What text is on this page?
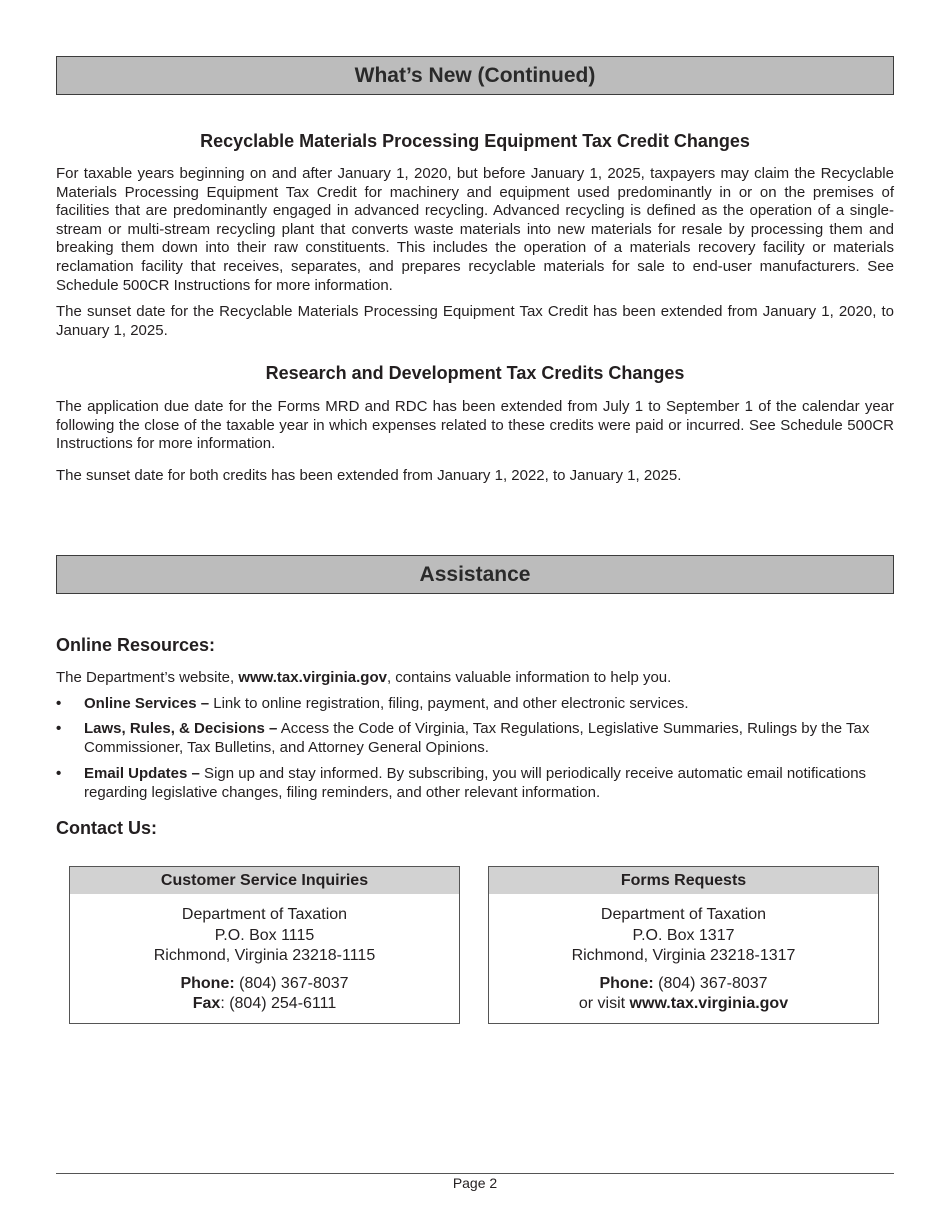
What’s New (Continued)
Recyclable Materials Processing Equipment Tax Credit Changes

For taxable years beginning on and after January 1, 2020, but before January 1, 2025, taxpayers may claim the Recyclable Materials Processing Equipment Tax Credit for machinery and equipment used predominantly in or on the premises of facilities that are predominantly engaged in advanced recycling. Advanced recycling is defined as the operation of a single-stream or multi-stream recycling plant that converts waste materials into new materials for resale by processing them and breaking them down into their raw constituents. This includes the operation of a materials recovery facility or materials reclamation facility that receives, separates, and prepares recyclable materials for sale to end-user manufacturers. See Schedule 500CR Instructions for more information.

The sunset date for the Recyclable Materials Processing Equipment Tax Credit has been extended from January 1, 2020, to January 1, 2025.

Research and Development Tax Credits Changes

The application due date for the Forms MRD and RDC has been extended from July 1 to September 1 of the calendar year following the close of the taxable year in which expenses related to these credits were paid or incurred. See Schedule 500CR Instructions for more information.

The sunset date for both credits has been extended from January 1, 2022, to January 1, 2025.

Assistance
Online Resources:

The Department’s website, www.tax.virginia.gov, contains valuable information to help you.

• Online Services – Link to online registration, filing, payment, and other electronic services.
• Laws, Rules, & Decisions – Access the Code of Virginia, Tax Regulations, Legislative Summaries, Rulings by the Tax Commissioner, Tax Bulletins, and Attorney General Opinions.
• Email Updates – Sign up and stay informed. By subscribing, you will periodically receive automatic email notifications regarding legislative changes, filing reminders, and other relevant information.
Contact Us:
Customer Service Inquiries
Department of Taxation
P.O. Box 1115
Richmond, Virginia 23218-1115
Phone: (804) 367-8037
Fax: (804) 254-6111
Forms Requests
Department of Taxation
P.O. Box 1317
Richmond, Virginia 23218-1317
Phone: (804) 367-8037
or visit www.tax.virginia.gov
Page 2
